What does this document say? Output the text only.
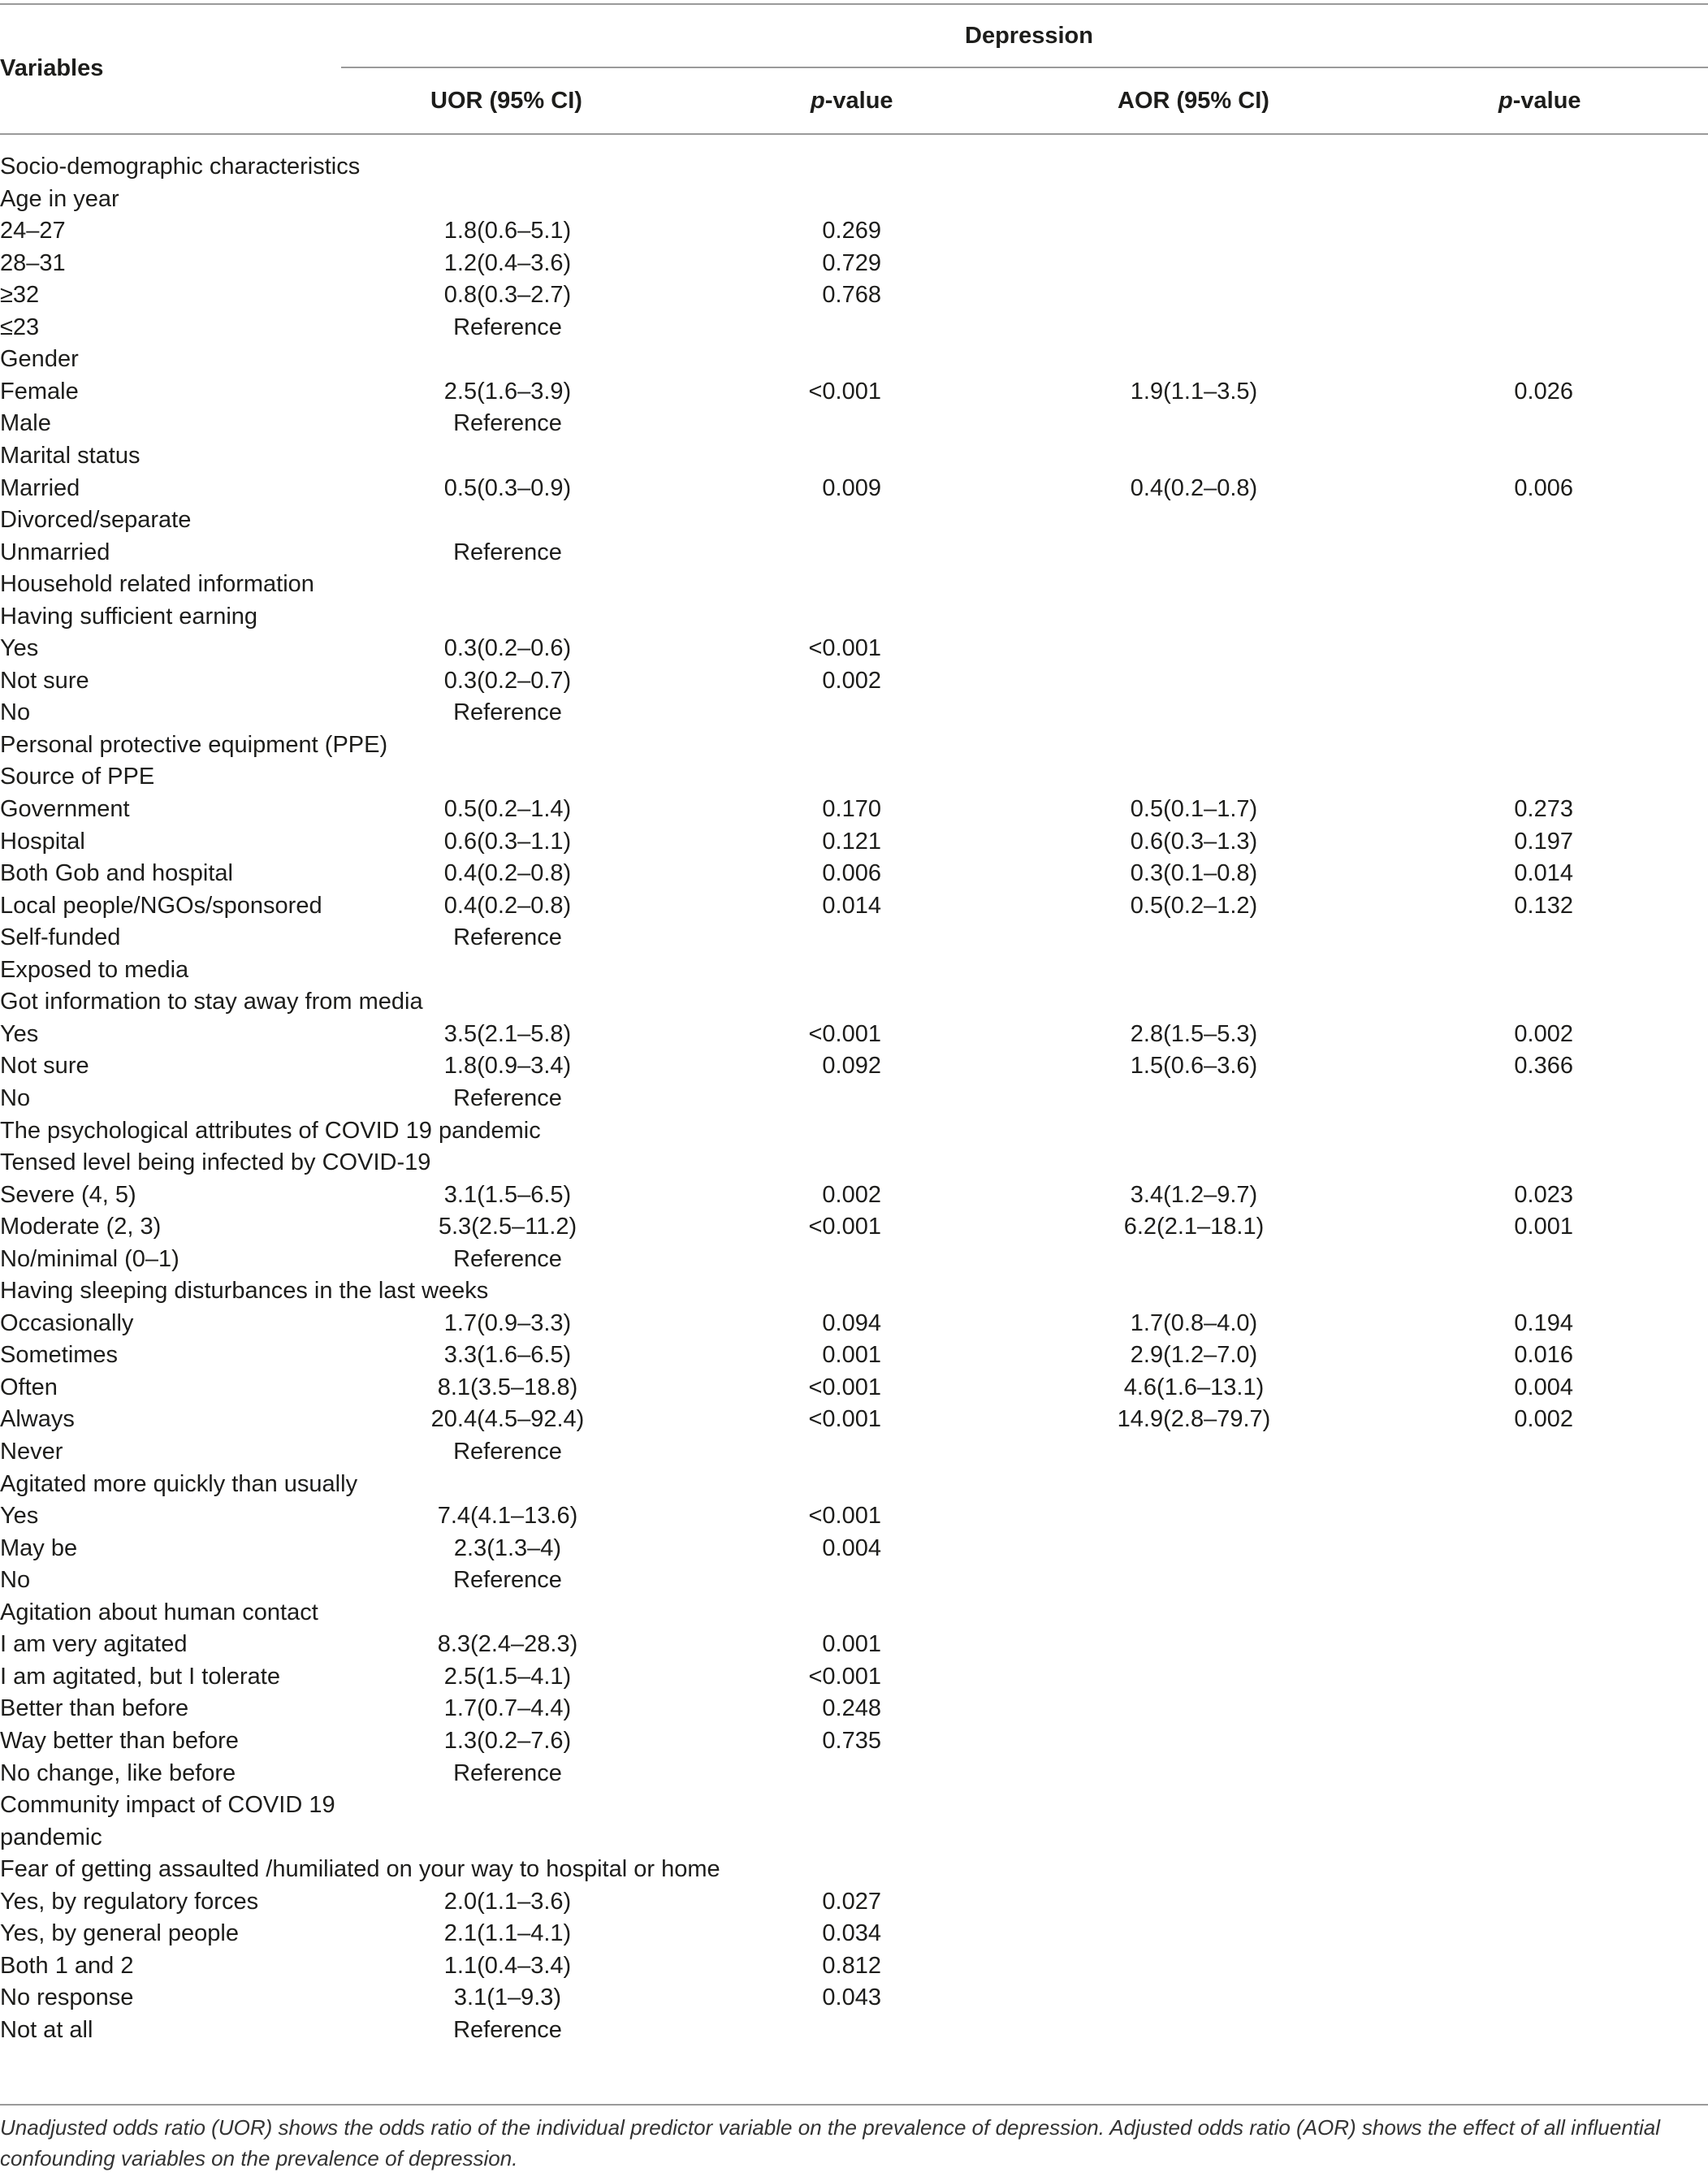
Variables
Depression
UOR (95% CI)	p-value	AOR (95% CI)	p-value
Socio-demographic characteristics
Age in year
24–27	1.8(0.6–5.1)	0.269
28–31	1.2(0.4–3.6)	0.729
≥32	0.8(0.3–2.7)	0.768
≤23	Reference
Gender
Female	2.5(1.6–3.9)	<0.001	1.9(1.1–3.5)	0.026
Male	Reference
Marital status
Married	0.5(0.3–0.9)	0.009	0.4(0.2–0.8)	0.006
Divorced/separate
Unmarried	Reference
Household related information
Having sufficient earning
Yes	0.3(0.2–0.6)	<0.001
Not sure	0.3(0.2–0.7)	0.002
No	Reference
Personal protective equipment (PPE)
Source of PPE
Government	0.5(0.2–1.4)	0.170	0.5(0.1–1.7)	0.273
Hospital	0.6(0.3–1.1)	0.121	0.6(0.3–1.3)	0.197
Both Gob and hospital	0.4(0.2–0.8)	0.006	0.3(0.1–0.8)	0.014
Local people/NGOs/sponsored	0.4(0.2–0.8)	0.014	0.5(0.2–1.2)	0.132
Self-funded	Reference
Exposed to media
Got information to stay away from media
Yes	3.5(2.1–5.8)	<0.001	2.8(1.5–5.3)	0.002
Not sure	1.8(0.9–3.4)	0.092	1.5(0.6–3.6)	0.366
No	Reference
The psychological attributes of COVID 19 pandemic
Tensed level being infected by COVID-19
Severe (4, 5)	3.1(1.5–6.5)	0.002	3.4(1.2–9.7)	0.023
Moderate (2, 3)	5.3(2.5–11.2)	<0.001	6.2(2.1–18.1)	0.001
No/minimal (0–1)	Reference
Having sleeping disturbances in the last weeks
Occasionally	1.7(0.9–3.3)	0.094	1.7(0.8–4.0)	0.194
Sometimes	3.3(1.6–6.5)	0.001	2.9(1.2–7.0)	0.016
Often	8.1(3.5–18.8)	<0.001	4.6(1.6–13.1)	0.004
Always	20.4(4.5–92.4)	<0.001	14.9(2.8–79.7)	0.002
Never	Reference
Agitated more quickly than usually
Yes	7.4(4.1–13.6)	<0.001
May be	2.3(1.3–4)	0.004
No	Reference
Agitation about human contact
I am very agitated	8.3(2.4–28.3)	0.001
I am agitated, but I tolerate	2.5(1.5–4.1)	<0.001
Better than before	1.7(0.7–4.4)	0.248
Way better than before	1.3(0.2–7.6)	0.735
No change, like before	Reference
Community impact of COVID 19
pandemic
Fear of getting assaulted /humiliated on your way to hospital or home
Yes, by regulatory forces	2.0(1.1–3.6)	0.027
Yes, by general people	2.1(1.1–4.1)	0.034
Both 1 and 2	1.1(0.4–3.4)	0.812
No response	3.1(1–9.3)	0.043
Not at all	Reference
Unadjusted odds ratio (UOR) shows the odds ratio of the individual predictor variable on the prevalence of depression. Adjusted odds ratio (AOR) shows the effect of all influential confounding variables on the prevalence of depression.
